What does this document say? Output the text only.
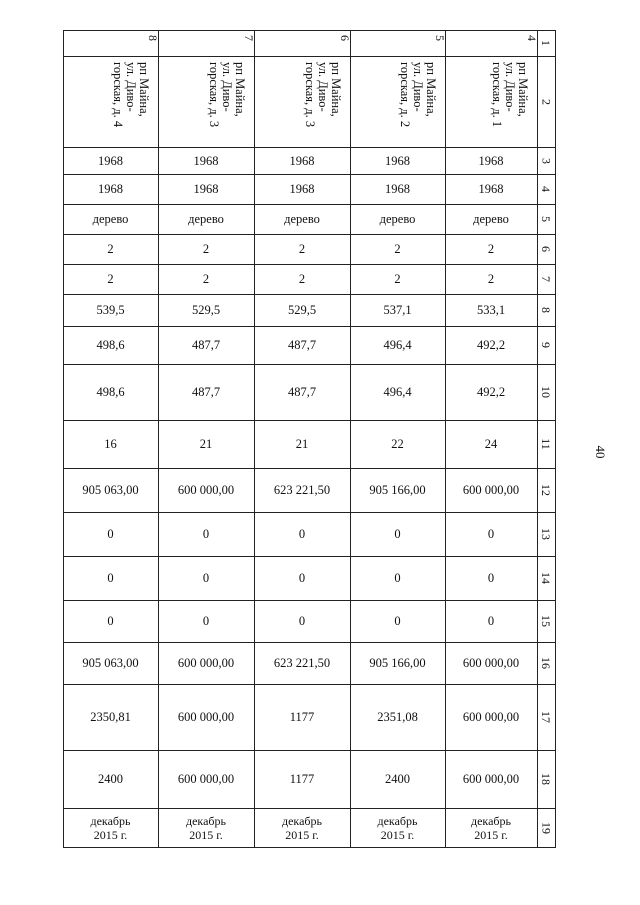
1
2
3
4
5
6
7
8
9
10
11
12
13
14
15
16
17
18
19
4
рп Майна,
ул. Диво-
горская, д. 1
1968
1968
дерево
2
2
533,1
492,2
492,2
24
600 000,00
0
0
0
600 000,00
600 000,00
600 000,00
декабрь
2015 г.
5
рп Майна,
ул. Диво-
горская, д. 2
1968
1968
дерево
2
2
537,1
496,4
496,4
22
905 166,00
0
0
0
905 166,00
2351,08
2400
декабрь
2015 г.
6
рп Майна,
ул. Диво-
горская, д. 3
1968
1968
дерево
2
2
529,5
487,7
487,7
21
623 221,50
0
0
0
623 221,50
1177
1177
декабрь
2015 г.
7
рп Майна,
ул. Диво-
горская, д. 3
1968
1968
дерево
2
2
529,5
487,7
487,7
21
600 000,00
0
0
0
600 000,00
600 000,00
600 000,00
декабрь
2015 г.
8
рп Майна,
ул. Диво-
горская, д. 4
1968
1968
дерево
2
2
539,5
498,6
498,6
16
905 063,00
0
0
0
905 063,00
2350,81
2400
декабрь
2015 г.
40
